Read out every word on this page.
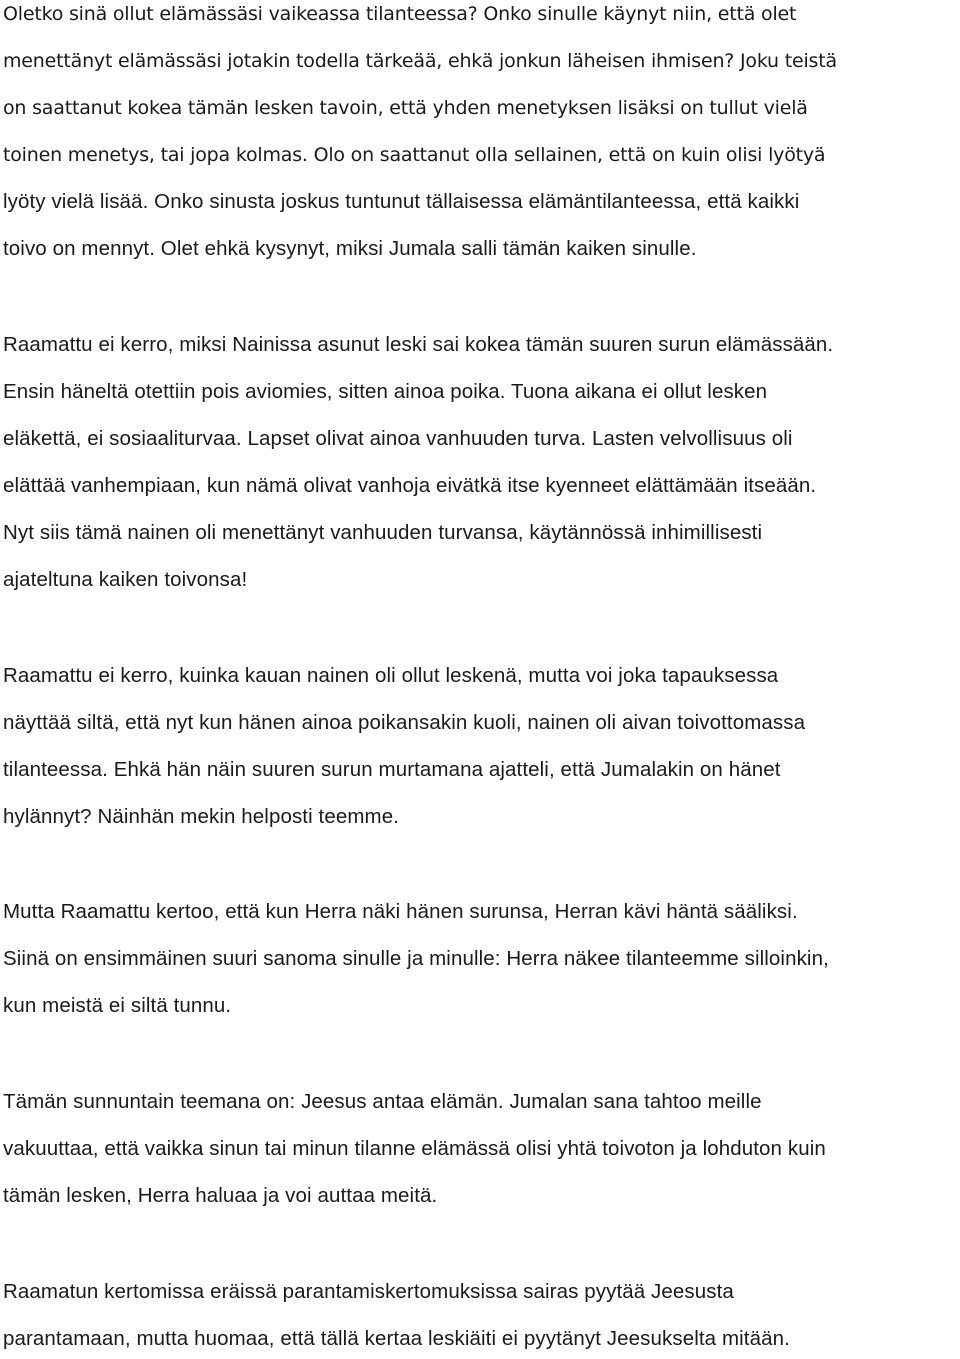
Oletko sinä ollut elämässäsi vaikeassa tilanteessa? Onko sinulle käynyt niin, että olet
menettänyt elämässäsi jotakin todella tärkeää, ehkä jonkun läheisen ihmisen? Joku teistä
on saattanut kokea tämän lesken tavoin, että yhden menetyksen lisäksi on tullut vielä
toinen menetys, tai jopa kolmas. Olo on saattanut olla sellainen, että on kuin olisi lyötyä
lyöty vielä lisää. Onko sinusta joskus tuntunut tällaisessa elämäntilanteessa, että kaikki
toivo on mennyt. Olet ehkä kysynyt, miksi Jumala salli tämän kaiken sinulle.
Raamattu ei kerro, miksi Nainissa asunut leski sai kokea tämän suuren surun elämässään.
Ensin häneltä otettiin pois aviomies, sitten ainoa poika. Tuona aikana ei ollut lesken
eläkettä, ei sosiaaliturvaa. Lapset olivat ainoa vanhuuden turva. Lasten velvollisuus oli
elättää vanhempiaan, kun nämä olivat vanhoja eivätkä itse kyenneet elättämään itseään.
Nyt siis tämä nainen oli menettänyt vanhuuden turvansa, käytännössä inhimillisesti
ajateltuna kaiken toivonsa!
Raamattu ei kerro, kuinka kauan nainen oli ollut leskenä, mutta voi joka tapauksessa
näyttää siltä, että nyt kun hänen ainoa poikansakin kuoli, nainen oli aivan toivottomassa
tilanteessa. Ehkä hän näin suuren surun murtamana ajatteli, että Jumalakin on hänet
hylännyt? Näinhän mekin helposti teemme.
Mutta Raamattu kertoo, että kun Herra näki hänen surunsa, Herran kävi häntä sääliksi.
Siinä on ensimmäinen suuri sanoma sinulle ja minulle: Herra näkee tilanteemme silloinkin,
kun meistä ei siltä tunnu.
Tämän sunnuntain teemana on: Jeesus antaa elämän. Jumalan sana tahtoo meille
vakuuttaa, että vaikka sinun tai minun tilanne elämässä olisi yhtä toivoton ja lohduton kuin
tämän lesken, Herra haluaa ja voi auttaa meitä.
Raamatun kertomissa eräissä parantamiskertomuksissa sairas pyytää Jeesusta
parantamaan, mutta huomaa, että tällä kertaa leskiäiti ei pyytänyt Jeesukselta mitään.
